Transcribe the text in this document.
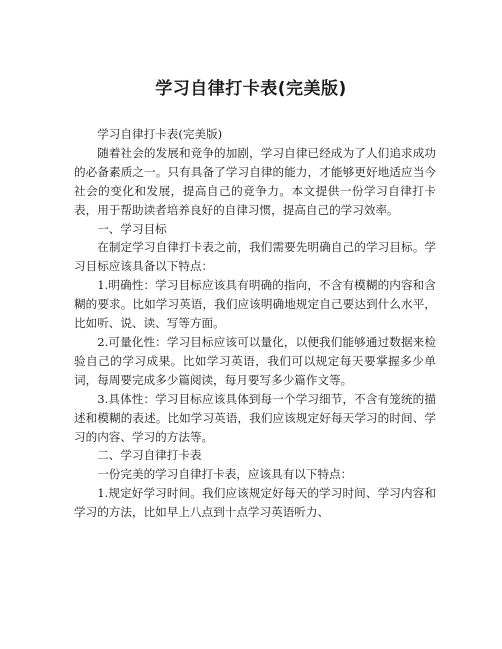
学习自律打卡表(完美版)

学习自律打卡表(完美版)

随着社会的发展和竞争的加剧，学习自律已经成为了人们追求成功的必备素质之一。只有具备了学习自律的能力，才能够更好地适应当今社会的变化和发展，提高自己的竞争力。本文提供一份学习自律打卡表，用于帮助读者培养良好的自律习惯，提高自己的学习效率。

一、学习目标

在制定学习自律打卡表之前，我们需要先明确自己的学习目标。学习目标应该具备以下特点：

1.明确性：学习目标应该具有明确的指向，不含有模糊的内容和含糊的要求。比如学习英语，我们应该明确地规定自己要达到什么水平，比如听、说、读、写等方面。

2.可量化性：学习目标应该可以量化，以便我们能够通过数据来检验自己的学习成果。比如学习英语，我们可以规定每天要掌握多少单词，每周要完成多少篇阅读，每月要写多少篇作文等。

3.具体性：学习目标应该具体到每一个学习细节，不含有笼统的描述和模糊的表述。比如学习英语，我们应该规定好每天学习的时间、学习的内容、学习的方法等。

二、学习自律打卡表

一份完美的学习自律打卡表，应该具有以下特点：

1.规定好学习时间。我们应该规定好每天的学习时间、学习内容和学习的方法，比如早上八点到十点学习英语听力、
